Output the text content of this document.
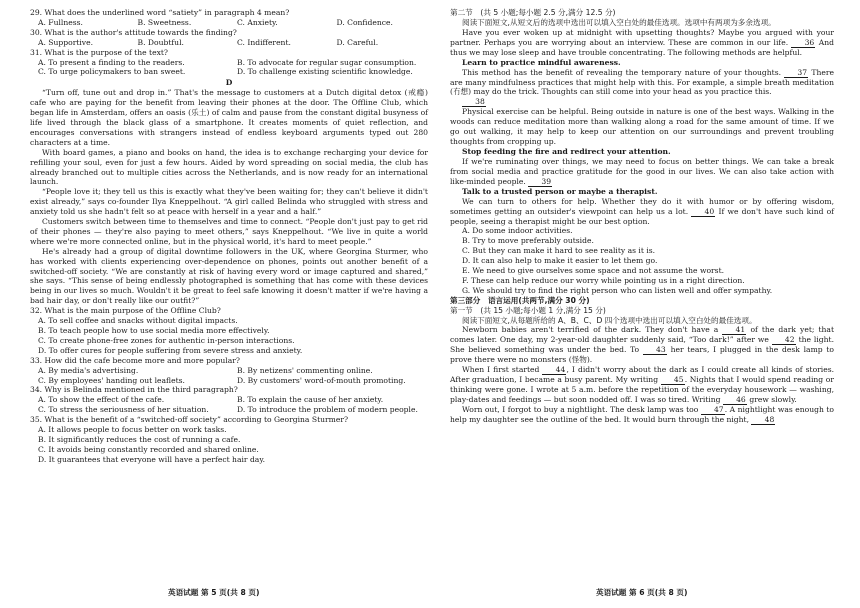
29. What does the underlined word “satiety” in paragraph 4 mean?

A. Fullness.	B. Sweetness.	C. Anxiety.	D. Confidence.

30. What is the author's attitude towards the finding?

A. Supportive.	B. Doubtful.	C. Indifferent.	D. Careful.

31. What is the purpose of the text?

A. To present a finding to the readers.	B. To advocate for regular sugar consumption.
C. To urge policymakers to ban sweet.	D. To challenge existing scientific knowledge.

D

“Turn off, tune out and drop in.” That's the message to customers at a Dutch digital detox (戒瘾) cafe who are paying for the benefit from leaving their phones at the door. The Offline Club, which began life in Amsterdam, offers an oasis (乐土) of calm and pause from the constant digital busyness of life lived through the black glass of a smartphone. It creates moments of quiet reflection, and encourages conversations with strangers instead of endless keyboard arguments typed out 280 characters at a time.

With board games, a piano and books on hand, the idea is to exchange recharging your device for refilling your soul, even for just a few hours. Aided by word spreading on social media, the club has already branched out to multiple cities across the Netherlands, and is now ready for an international launch.

“People love it; they tell us this is exactly what they've been waiting for; they can't believe it didn't exist already,” says co-founder Ilya Kneppelhout. “A girl called Belinda who struggled with stress and anxiety told us she hadn't felt so at peace with herself in a year and a half.”

Customers switch between time to themselves and time to connect. “People don't just pay to get rid of their phones — they're also paying to meet others,” says Kneppelhout. “We live in quite a world where we're more connected online, but in the physical world, it's hard to meet people.”

He's already had a group of digital downtime followers in the UK, where Georgina Sturmer, who has worked with clients experiencing over-dependence on phones, points out another benefit of a switched-off society. “We are constantly at risk of having every word or image captured and shared,” she says. “This sense of being endlessly photographed is something that has come with these devices being in our lives so much. Wouldn't it be great to feel safe knowing it doesn't matter if we're having a bad hair day, or don't really like our outfit?”

32. What is the main purpose of the Offline Club?

A. To sell coffee and snacks without digital impacts.
B. To teach people how to use social media more effectively.
C. To create phone-free zones for authentic in-person interactions.
D. To offer cures for people suffering from severe stress and anxiety.

33. How did the cafe become more and more popular?

A. By media's advertising.	B. By netizens' commenting online.
C. By employees' handing out leaflets.	D. By customers' word-of-mouth promoting.

34. Why is Belinda mentioned in the third paragraph?

A. To show the effect of the cafe.	B. To explain the cause of her anxiety.
C. To stress the seriousness of her situation.	D. To introduce the problem of modern people.

35. What is the benefit of a “switched-off society” according to Georgina Sturmer?

A. It allows people to focus better on work tasks.
B. It significantly reduces the cost of running a cafe.
C. It avoids being constantly recorded and shared online.
D. It guarantees that everyone will have a perfect hair day.

第二节　(共 5 小题;每小题 2.5 分,满分 12.5 分)

阅读下面短文,从短文后的选项中选出可以填入空白处的最佳选项。选项中有两项为多余选项。

Have you ever woken up at midnight with upsetting thoughts? Maybe you argued with your partner. Perhaps you are worrying about an interview. These are common in our life. 36 And thus we may lose sleep and have trouble concentrating. The following methods are helpful.

Learn to practice mindful awareness.

This method has the benefit of revealing the temporary nature of your thoughts. 37 There are many mindfulness practices that might help with this. For example, a simple breath meditation (冇想) may do the trick. Thoughts can still come into your head as you practice this.

38

Physical exercise can be helpful. Being outside in nature is one of the best ways. Walking in the woods can reduce meditation more than walking along a road for the same amount of time. If we go out walking, it may help to keep our attention on our surroundings and prevent troubling thoughts from cropping up.

Stop feeding the fire and redirect your attention.

If we're ruminating over things, we may need to focus on better things. We can take a break from social media and practice gratitude for the good in our lives. We can also take action with like-minded people. 39

Talk to a trusted person or maybe a therapist.

We can turn to others for help. Whether they do it with humor or by offering wisdom, sometimes getting an outsider's viewpoint can help us a lot. 40 If we don't have such kind of people, seeing a therapist might be our best option.

A. Do some indoor activities.

B. Try to move preferably outside.

C. But they can make it hard to see reality as it is.

D. It can also help to make it easier to let them go.

E. We need to give ourselves some space and not assume the worst.

F. These can help reduce our worry while pointing us in a right direction.

G. We should try to find the right person who can listen well and offer sympathy.

第三部分　语言运用(共两节,满分 30 分)

第一节　(共 15 小题;每小题 1 分,满分 15 分)

阅读下面短文,从每题所给的 A、B、C、D 四个选项中选出可以填入空白处的最佳选项。

Newborn babies aren't terrified of the dark. They don't have a 41 of the dark yet; that comes later. One day, my 2-year-old daughter suddenly said, “Too dark!” after we 42 the light. She believed something was under the bed. To 43 her tears, I plugged in the desk lamp to prove there were no monsters (怪物).

When I first started 44, I didn't worry about the dark as I could create all kinds of stories. After graduation, I became a busy parent. My writing 45. Nights that I would spend reading or thinking were gone. I wrote at 5 a.m. before the repetition of the everyday housework — washing, play-dates and feedings — but soon nodded off. I was so tired. Writing 46 grew slowly.

Worn out, I forgot to buy a nightlight. The desk lamp was too 47. A nightlight was enough to help my daughter see the outline of the bed. It would burn through the night, 48

英语试题 第 5 页(共 8 页)	英语试题 第 6 页(共 8 页)
